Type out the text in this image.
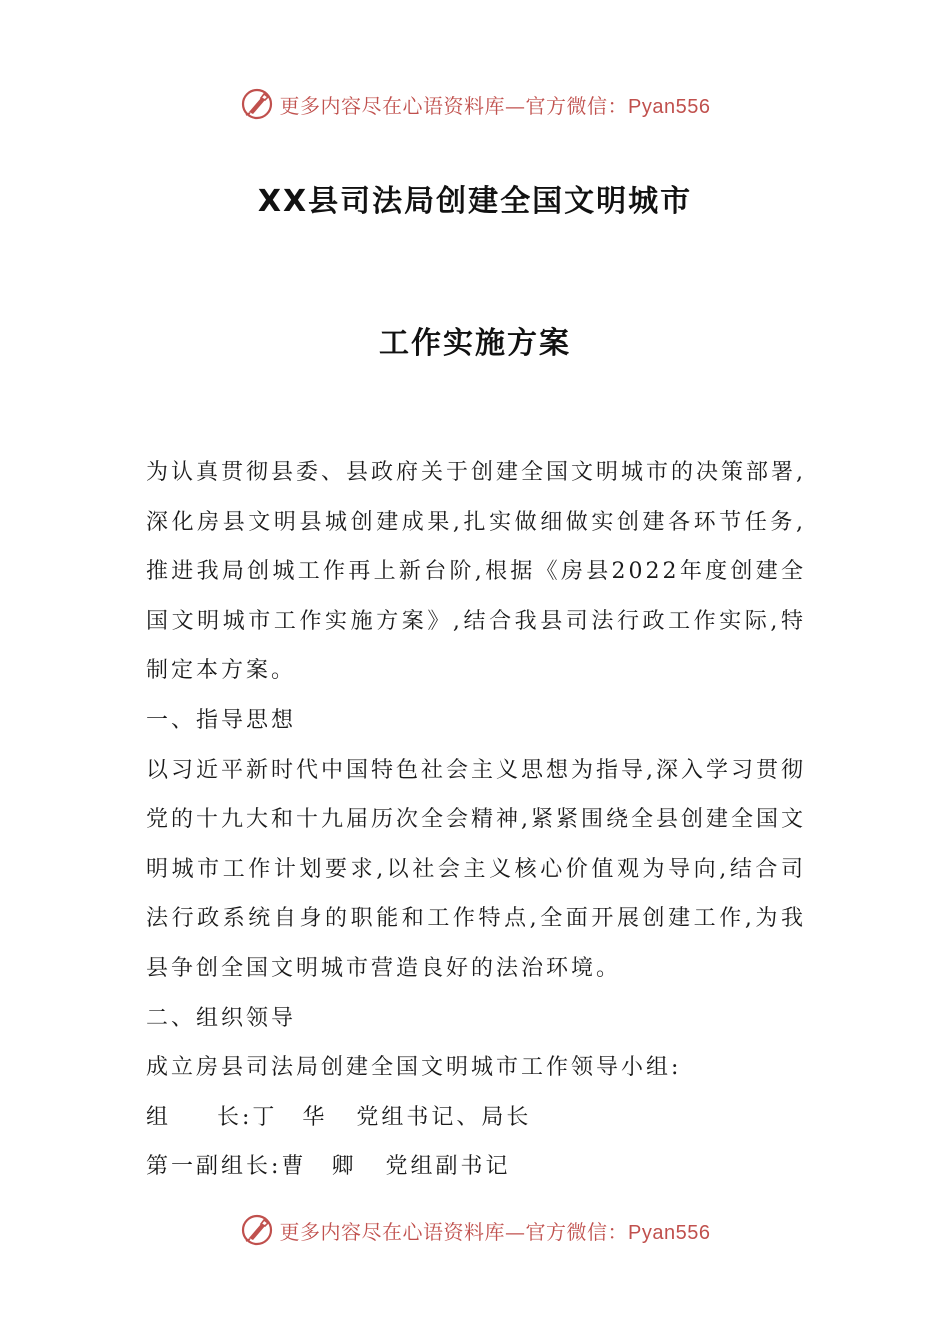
更多内容尽在心语资料库—官方微信：Pyan556
XX县司法局创建全国文明城市
工作实施方案

为认真贯彻县委、县政府关于创建全国文明城市的决策部署,深化房县文明县城创建成果,扎实做细做实创建各环节任务,推进我局创城工作再上新台阶,根据《房县2022年度创建全国文明城市工作实施方案》,结合我县司法行政工作实际,特制定本方案。

一、指导思想

以习近平新时代中国特色社会主义思想为指导,深入学习贯彻党的十九大和十九届历次全会精神,紧紧围绕全县创建全国文明城市工作计划要求,以社会主义核心价值观为导向,结合司法行政系统自身的职能和工作特点,全面开展创建工作,为我县争创全国文明城市营造良好的法治环境。

二、组织领导

成立房县司法局创建全国文明城市工作领导小组:

组 长 : 丁　华	党组书记、局长
第一副组长 : 曹　卿	党组副书记
更多内容尽在心语资料库—官方微信：Pyan556
